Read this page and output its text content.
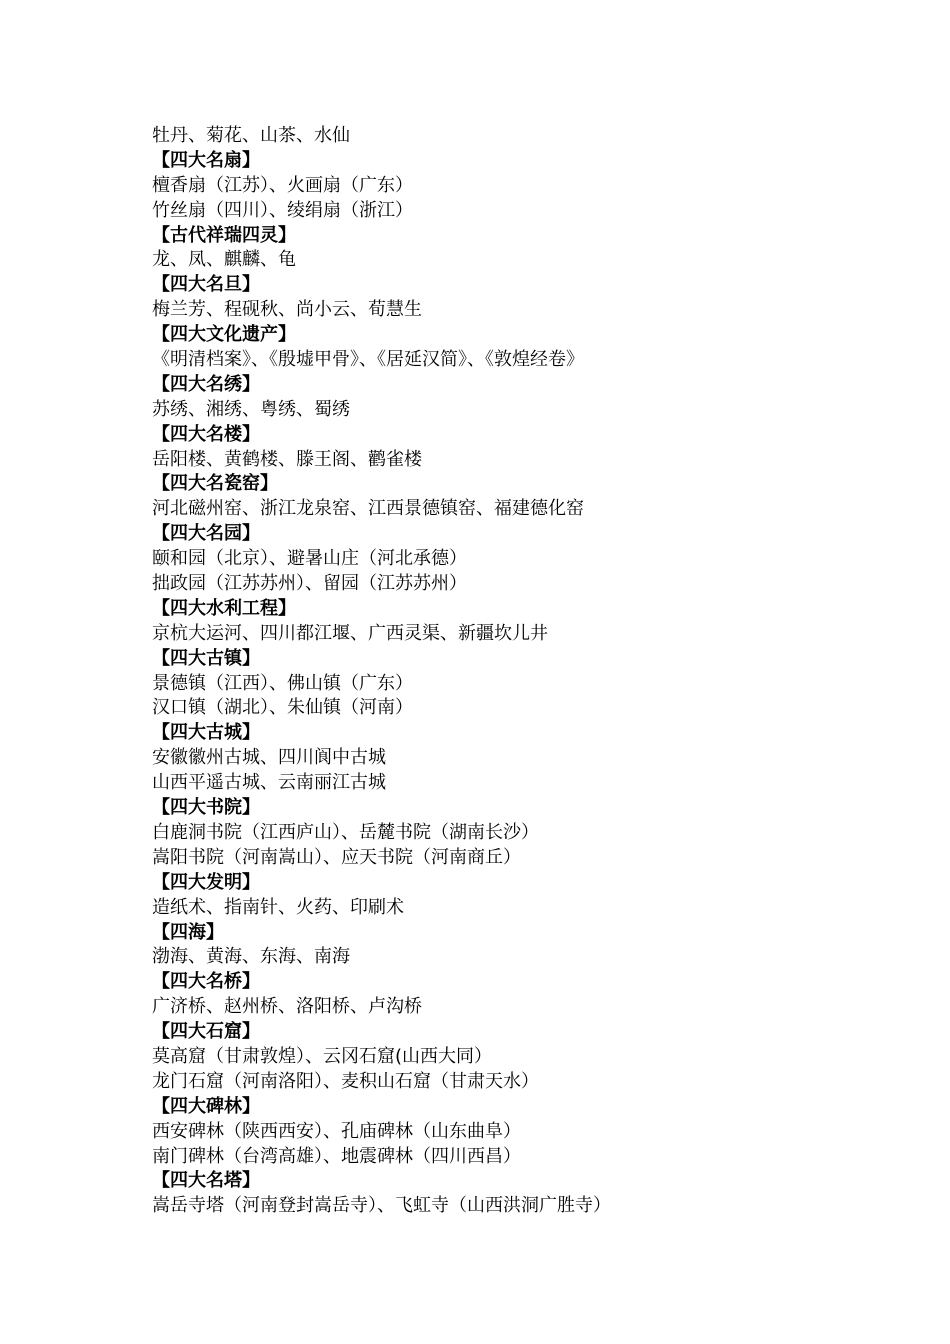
牡丹、菊花、山茶、水仙
【四大名扇】
檀香扇（江苏）、火画扇（广东）
竹丝扇（四川）、绫绢扇（浙江）
【古代祥瑞四灵】
龙、凤、麒麟、龟
【四大名旦】
梅兰芳、程砚秋、尚小云、荀慧生
【四大文化遗产】
《明清档案》、《殷墟甲骨》、《居延汉简》、《敦煌经卷》
【四大名绣】
苏绣、湘绣、粤绣、蜀绣
【四大名楼】
岳阳楼、黄鹤楼、滕王阁、鹳雀楼
【四大名瓷窑】
河北磁州窑、浙江龙泉窑、江西景德镇窑、福建德化窑
【四大名园】
颐和园（北京）、避暑山庄（河北承德）
拙政园（江苏苏州）、留园（江苏苏州）
【四大水利工程】
京杭大运河、四川都江堰、广西灵渠、新疆坎儿井
【四大古镇】
景德镇（江西）、佛山镇（广东）
汉口镇（湖北）、朱仙镇（河南）
【四大古城】
安徽徽州古城、四川阆中古城
山西平遥古城、云南丽江古城
【四大书院】
白鹿洞书院（江西庐山）、岳麓书院（湖南长沙）
嵩阳书院（河南嵩山）、应天书院（河南商丘）
【四大发明】
造纸术、指南针、火药、印刷术
【四海】
渤海、黄海、东海、南海
【四大名桥】
广济桥、赵州桥、洛阳桥、卢沟桥
【四大石窟】
莫高窟（甘肃敦煌）、云冈石窟(山西大同）
龙门石窟（河南洛阳）、麦积山石窟（甘肃天水）
【四大碑林】
西安碑林（陕西西安）、孔庙碑林（山东曲阜）
南门碑林（台湾高雄）、地震碑林（四川西昌）
【四大名塔】
嵩岳寺塔（河南登封嵩岳寺）、飞虹寺（山西洪洞广胜寺）
